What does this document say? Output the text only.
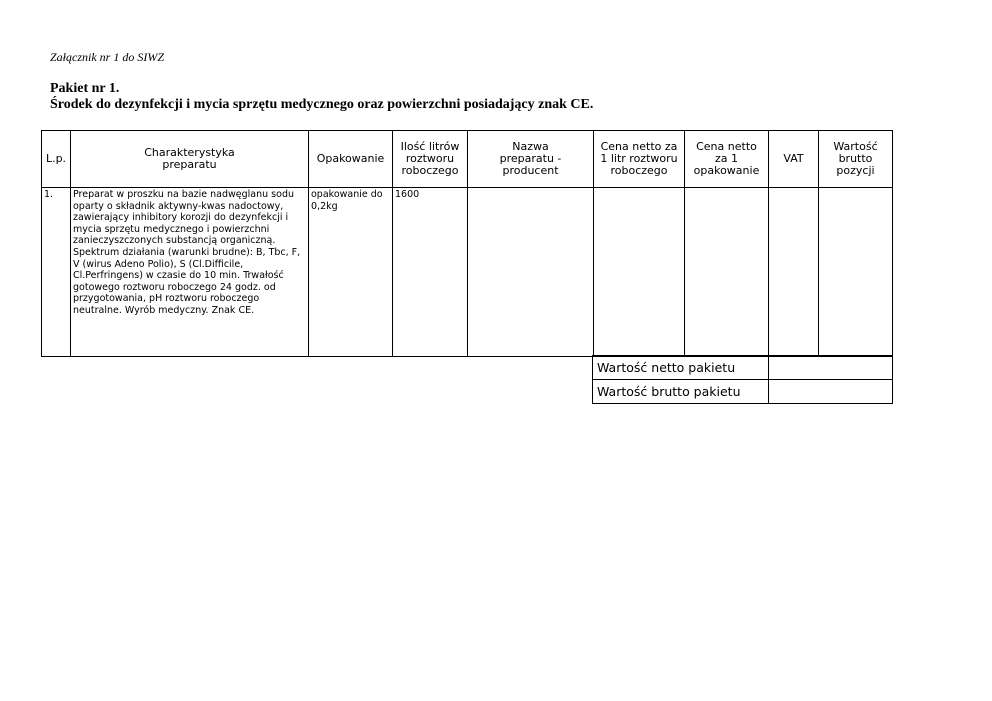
Załącznik nr 1 do SIWZ
Pakiet nr 1.
Środek do dezynfekcji i mycia sprzętu medycznego oraz powierzchni posiadający znak CE.
L.p.	Charakterystyka preparatu	Opakowanie	Ilość litrów roztworu roboczego	Nazwa preparatu - producent	Cena netto za 1 litr roztworu roboczego	Cena netto za 1 opakowanie	VAT	Wartość brutto pozycji

1.	Preparat w proszku na bazie nadwęglanu sodu oparty o składnik aktywny-kwas nadoctowy, zawierający inhibitory korozji do dezynfekcji i mycia sprzętu medycznego i powierzchni zanieczyszczonych substancją organiczną. Spektrum działania (warunki brudne): B, Tbc, F, V (wirus Adeno Polio), S (Cl.Difficile, Cl.Perfringens) w czasie do 10 min. Trwałość gotowego roztworu roboczego 24 godz. od przygotowania, pH roztworu roboczego neutralne. Wyrób medyczny. Znak CE.	opakowanie do 0,2kg	1600					
Wartość netto pakietu	
Wartość brutto pakietu	
